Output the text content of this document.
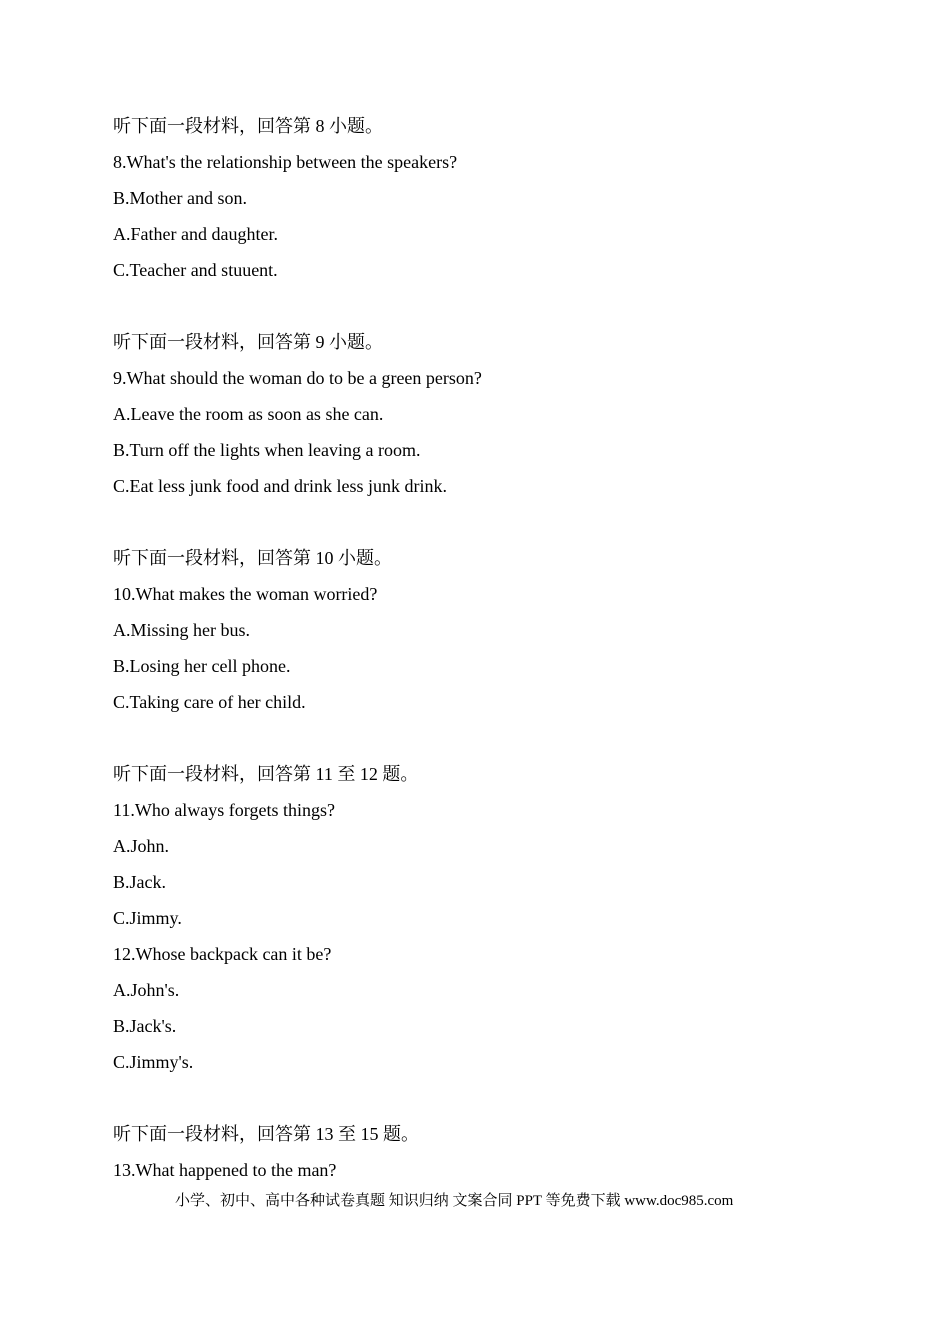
听下面一段材料，回答第 8 小题。
8.What's the relationship between the speakers?
B.Mother and son.
A.Father and daughter.
C.Teacher and stuuent.
听下面一段材料，回答第 9 小题。
9.What should the woman do to be a green person?
A.Leave the room as soon as she can.
B.Turn off the lights when leaving a room.
C.Eat less junk food and drink less junk drink.
听下面一段材料，回答第 10 小题。
10.What makes the woman worried?
A.Missing her bus.
B.Losing her cell phone.
C.Taking care of her child.
听下面一段材料，回答第 11 至 12 题。
11.Who always forgets things?
A.John.
B.Jack.
C.Jimmy.
12.Whose backpack can it be?
A.John's.
B.Jack's.
C.Jimmy's.
听下面一段材料，回答第 13 至 15 题。
13.What happened to the man?
小学、初中、高中各种试卷真题 知识归纳 文案合同 PPT 等免费下载 www.doc985.com
